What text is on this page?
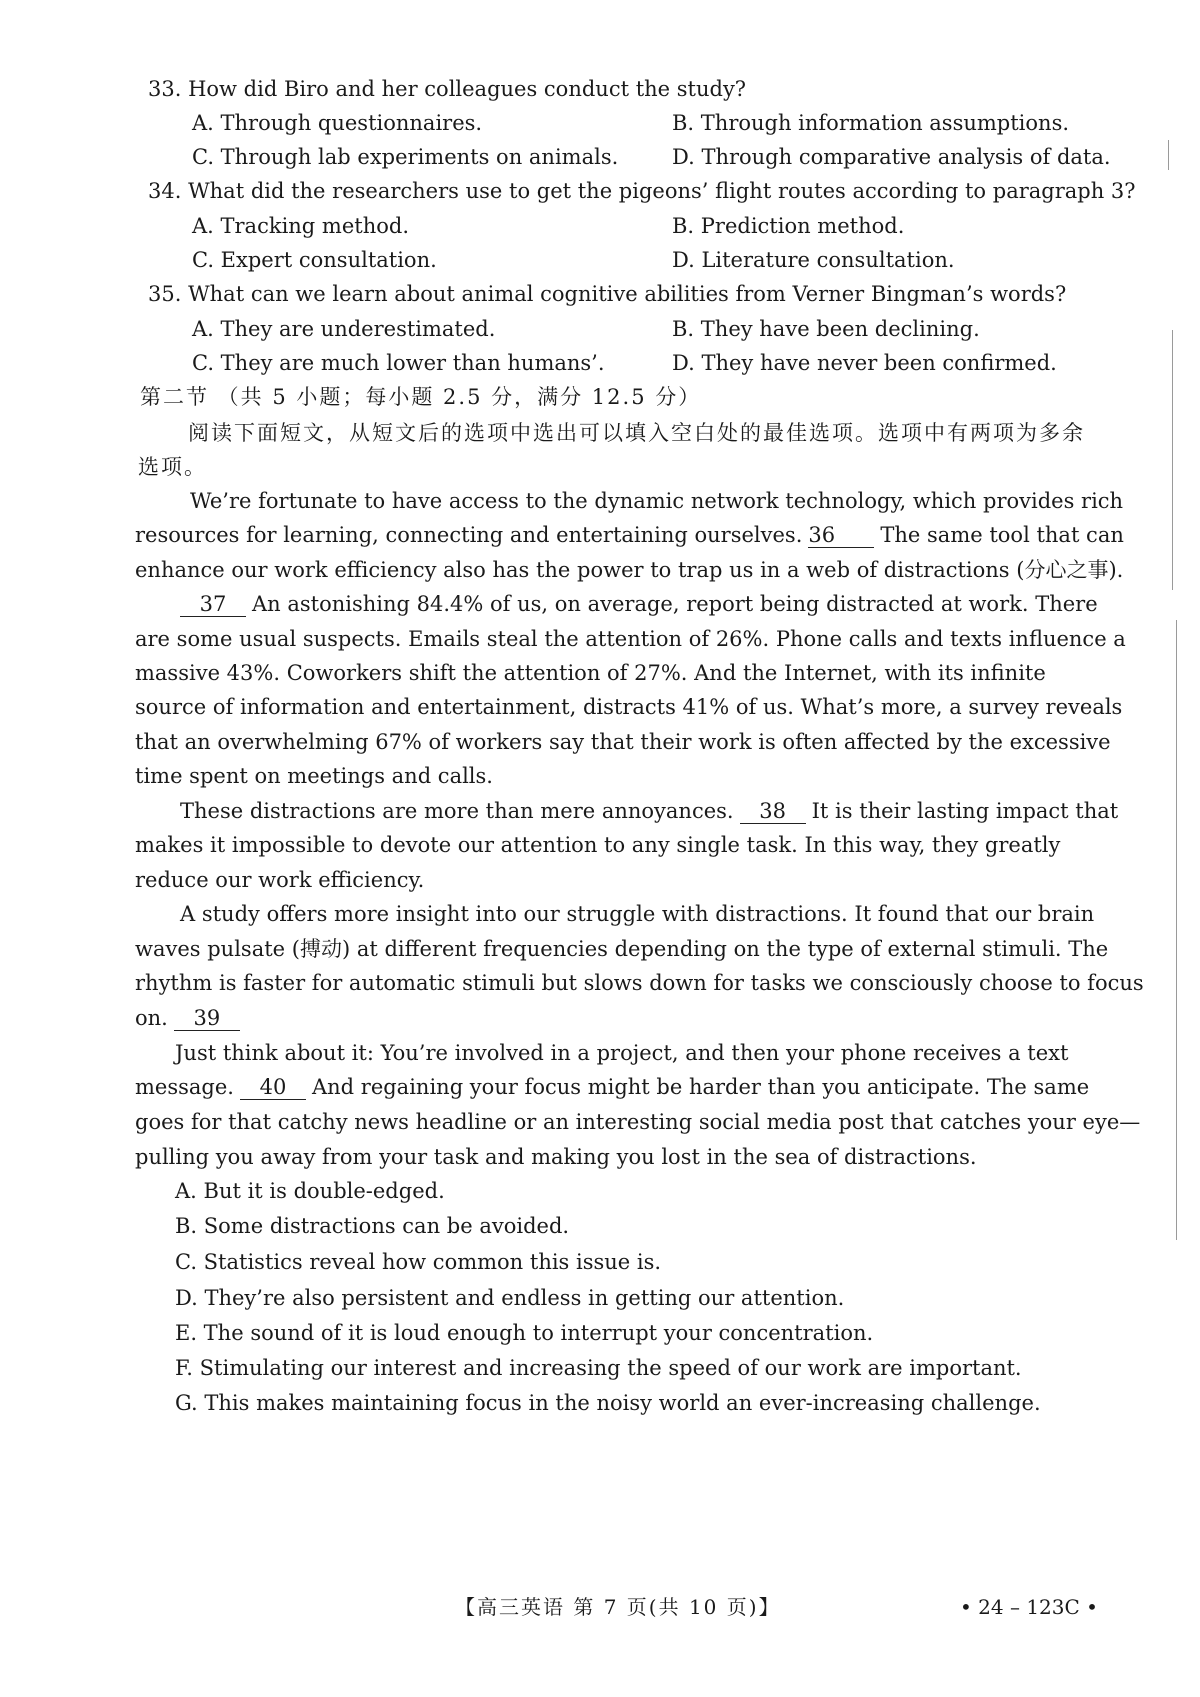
33. How did Biro and her colleagues conduct the study?
A. Through questionnaires.	B. Through information assumptions.
C. Through lab experiments on animals.	D. Through comparative analysis of data.
34. What did the researchers use to get the pigeons’ flight routes according to paragraph 3?
A. Tracking method.	B. Prediction method.
C. Expert consultation.	D. Literature consultation.
35. What can we learn about animal cognitive abilities from Verner Bingman’s words?
A. They are underestimated.	B. They have been declining.
C. They are much lower than humans’.	D. They have never been confirmed.
第二节 （共 5 小题；每小题 2.5 分，满分 12.5 分）
阅读下面短文，从短文后的选项中选出可以填入空白处的最佳选项。选项中有两项为多余
选项。
We’re fortunate to have access to the dynamic network technology, which provides rich
resources for learning, connecting and entertaining ourselves. 36 The same tool that can
enhance our work efficiency also has the power to trap us in a web of distractions (分心之事).
37 An astonishing 84.4% of us, on average, report being distracted at work. There
are some usual suspects. Emails steal the attention of 26%. Phone calls and texts influence a
massive 43%. Coworkers shift the attention of 27%. And the Internet, with its infinite
source of information and entertainment, distracts 41% of us. What’s more, a survey reveals
that an overwhelming 67% of workers say that their work is often affected by the excessive
time spent on meetings and calls.
These distractions are more than mere annoyances. 38 It is their lasting impact that
makes it impossible to devote our attention to any single task. In this way, they greatly
reduce our work efficiency.
A study offers more insight into our struggle with distractions. It found that our brain
waves pulsate (搏动) at different frequencies depending on the type of external stimuli. The
rhythm is faster for automatic stimuli but slows down for tasks we consciously choose to focus
on. 39
Just think about it: You’re involved in a project, and then your phone receives a text
message. 40 And regaining your focus might be harder than you anticipate. The same
goes for that catchy news headline or an interesting social media post that catches your eye—
pulling you away from your task and making you lost in the sea of distractions.
A. But it is double-edged.
B. Some distractions can be avoided.
C. Statistics reveal how common this issue is.
D. They’re also persistent and endless in getting our attention.
E. The sound of it is loud enough to interrupt your concentration.
F. Stimulating our interest and increasing the speed of our work are important.
G. This makes maintaining focus in the noisy world an ever-increasing challenge.
【高三英语 第 7 页(共 10 页)】	• 24 – 123C •
